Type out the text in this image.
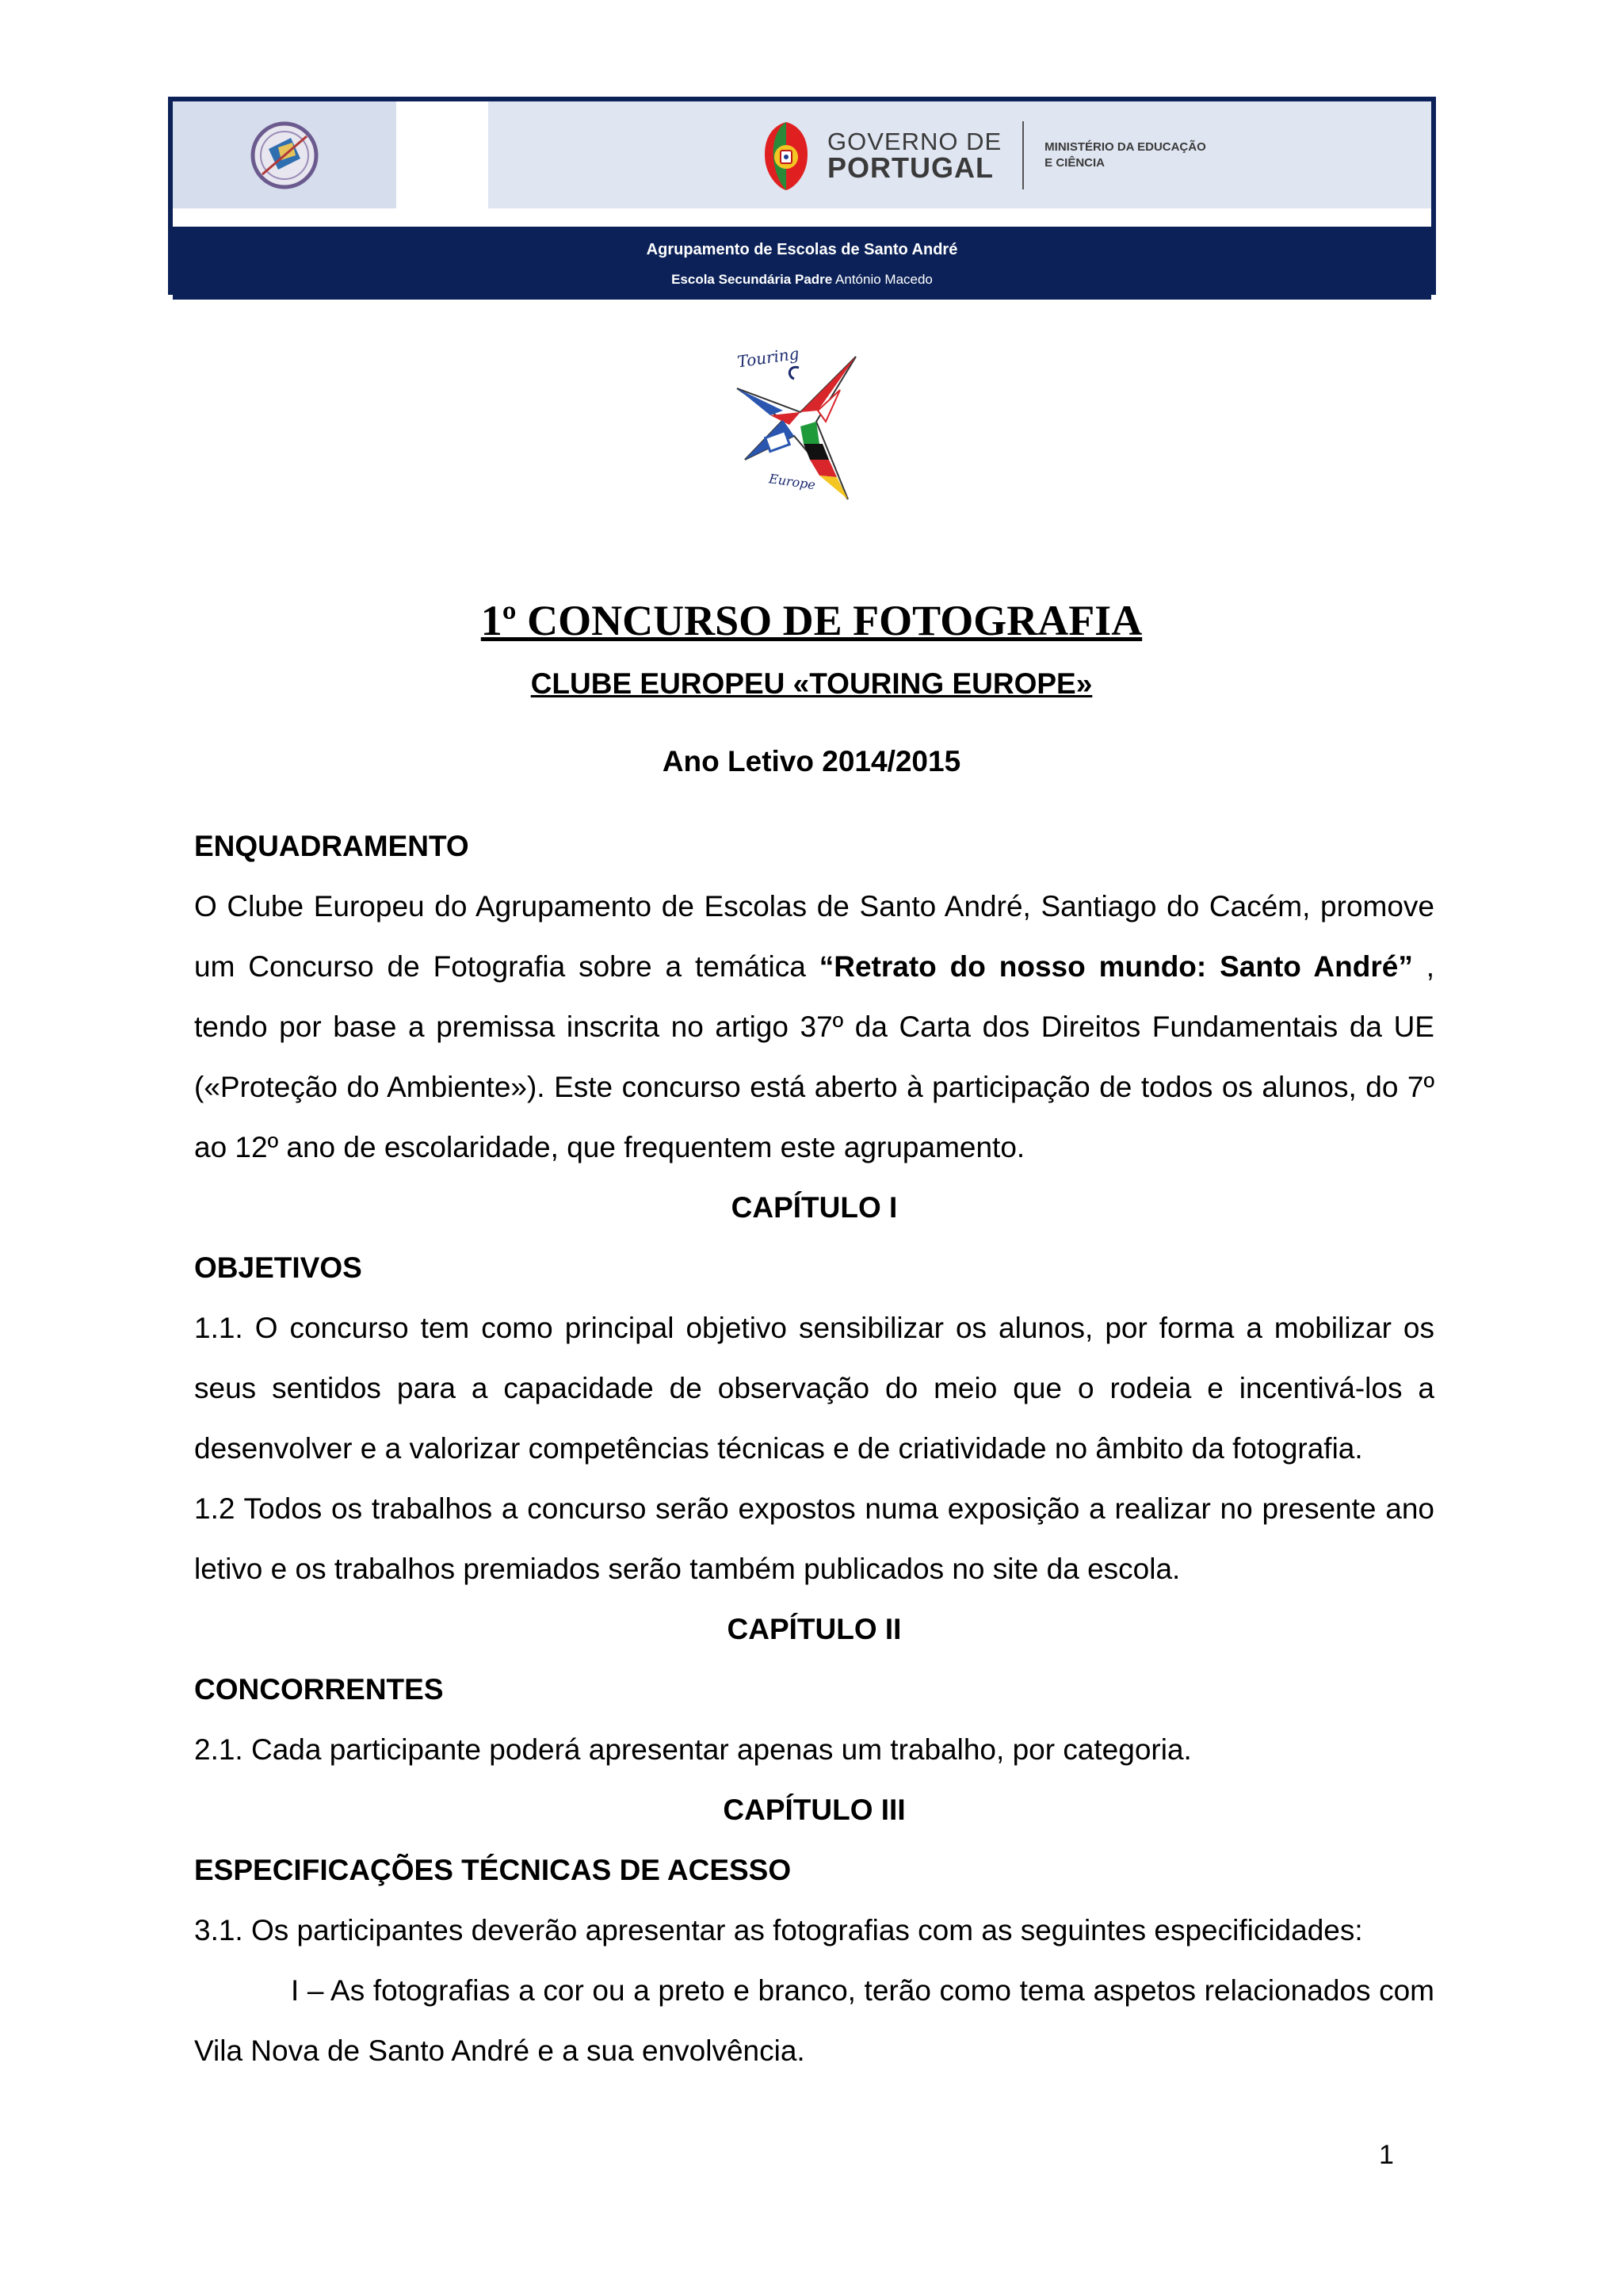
GOVERNO DE
PORTUGAL
MINISTÉRIO DA EDUCAÇÃO
E CIÊNCIA
Agrupamento de Escolas de Santo André
Escola Secundária Padre António Macedo
Touring
Europe
1º CONCURSO DE FOTOGRAFIA
CLUBE EUROPEU «TOURING EUROPE»
Ano Letivo 2014/2015

ENQUADRAMENTO

O Clube Europeu do Agrupamento de Escolas de Santo André, Santiago do Cacém, promove um Concurso de Fotografia sobre a temática “Retrato do nosso mundo: Santo André” , tendo por base a premissa inscrita no artigo 37º da Carta dos Direitos Fundamentais da UE («Proteção do Ambiente»). Este concurso está aberto à participação de todos os alunos, do 7º ao 12º ano de escolaridade, que frequentem este agrupamento.

CAPÍTULO I

OBJETIVOS

1.1. O concurso tem como principal objetivo sensibilizar os alunos, por forma a mobilizar os seus sentidos para a capacidade de observação do meio que o rodeia e incentivá-los a desenvolver e a valorizar competências técnicas e de criatividade no âmbito da fotografia.

1.2 Todos os trabalhos a concurso serão expostos numa exposição a realizar no presente ano letivo e os trabalhos premiados serão também publicados no site da escola.

CAPÍTULO II

CONCORRENTES

2.1. Cada participante poderá apresentar apenas um trabalho, por categoria.

CAPÍTULO III

ESPECIFICAÇÕES TÉCNICAS DE ACESSO

3.1. Os participantes deverão apresentar as fotografias com as seguintes especificidades:

I – As fotografias a cor ou a preto e branco, terão como tema aspetos relacionados com Vila Nova de Santo André e a sua envolvência.

1
